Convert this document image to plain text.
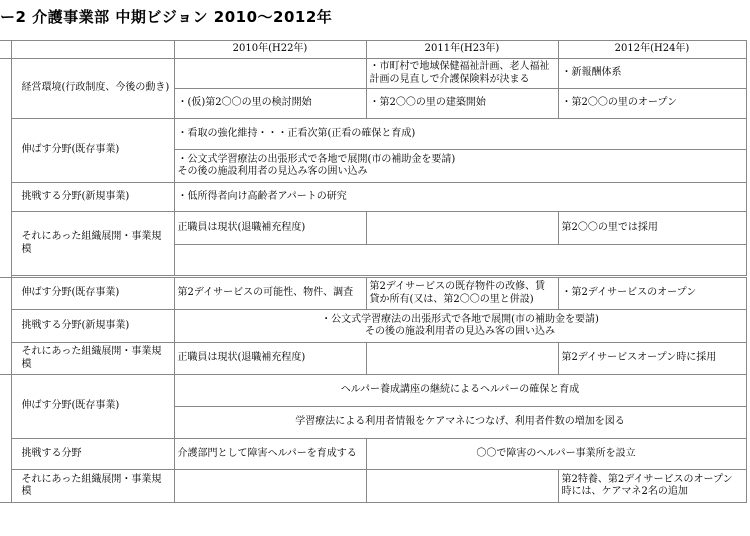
ー2 介護事業部 中期ビジョン 2010〜2012年
		2010年(H22年)	2011年(H23年)	2012年(H24年)
	経営環境(行政制度、今後の動き)		・市町村で地域保健福祉計画、老人福祉計画の見直しで介護保険料が決まる	・新報酬体系
		・(仮)第2〇〇の里の検討開始	・第2〇〇の里の建築開始	・第2〇〇の里のオープン
	伸ばす分野(既存事業)	・看取の強化維持・・・正看次第(正看の確保と育成)		

		・公文式学習療法の出張形式で各地で展開(市の補助金を要請)
その後の施設利用者の見込み客の囲い込み		

	挑戦する分野(新規事業)	・低所得者向け高齢者アパートの研究		
	それにあった組織展開・事業規模	正職員は現状(退職補充程度)		第2〇〇の里では採用

	伸ばす分野(既存事業)	第2デイサービスの可能性、物件、調査	第2デイサービスの既存物件の改修、賃貸か所有(又は、第2〇〇の里と併設)	・第2デイサービスのオープン
	挑戦する分野(新規事業)	・公文式学習療法の出張形式で各地で展開(市の補助金を要請)
その後の施設利用者の見込み客の囲い込み		

	それにあった組織展開・事業規模	正職員は現状(退職補充程度)		第2デイサービスオープン時に採用
	伸ばす分野(既存事業)	ヘルパー養成講座の継続によるヘルパーの確保と育成		
		学習療法による利用者情報をケアマネにつなげ、利用者件数の増加を図る		
	挑戦する分野	介護部門として障害ヘルパーを育成する	〇〇で障害のヘルパー事業所を設立	
	それにあった組織展開・事業規模			第2特養、第2デイサービスのオープン時には、ケアマネ2名の追加
